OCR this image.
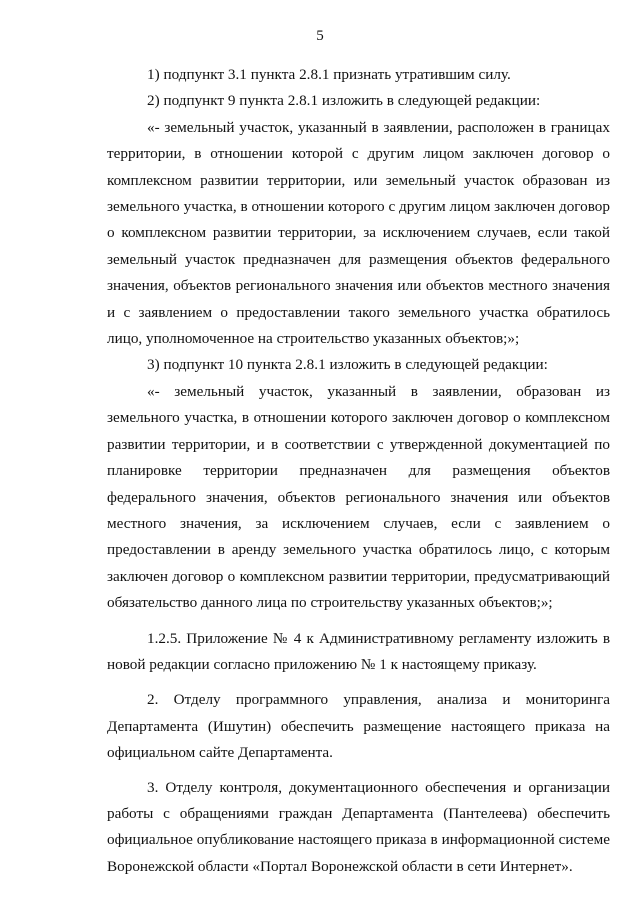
5

1) подпункт 3.1 пункта 2.8.1 признать утратившим силу.

2) подпункт 9 пункта 2.8.1 изложить в следующей редакции:

«- земельный участок, указанный в заявлении, расположен в границах территории, в отношении которой с другим лицом заключен договор о комплексном развитии территории, или земельный участок образован из земельного участка, в отношении которого с другим лицом заключен договор о комплексном развитии территории, за исключением случаев, если такой земельный участок предназначен для размещения объектов федерального значения, объектов регионального значения или объектов местного значения и с заявлением о предоставлении такого земельного участка обратилось лицо, уполномоченное на строительство указанных объектов;»;

3) подпункт 10 пункта 2.8.1 изложить в следующей редакции:

«- земельный участок, указанный в заявлении, образован из земельного участка, в отношении которого заключен договор о комплексном развитии территории, и в соответствии с утвержденной документацией по планировке территории предназначен для размещения объектов федерального значения, объектов регионального значения или объектов местного значения, за исключением случаев, если с заявлением о предоставлении в аренду земельного участка обратилось лицо, с которым заключен договор о комплексном развитии территории, предусматривающий обязательство данного лица по строительству указанных объектов;»;

1.2.5. Приложение № 4 к Административному регламенту изложить в новой редакции согласно приложению № 1 к настоящему приказу.

2. Отделу программного управления, анализа и мониторинга Департамента (Ишутин) обеспечить размещение настоящего приказа на официальном сайте Департамента.

3. Отделу контроля, документационного обеспечения и организации работы с обращениями граждан Департамента (Пантелеева) обеспечить официальное опубликование настоящего приказа в информационной системе Воронежской области «Портал Воронежской области в сети Интернет».
